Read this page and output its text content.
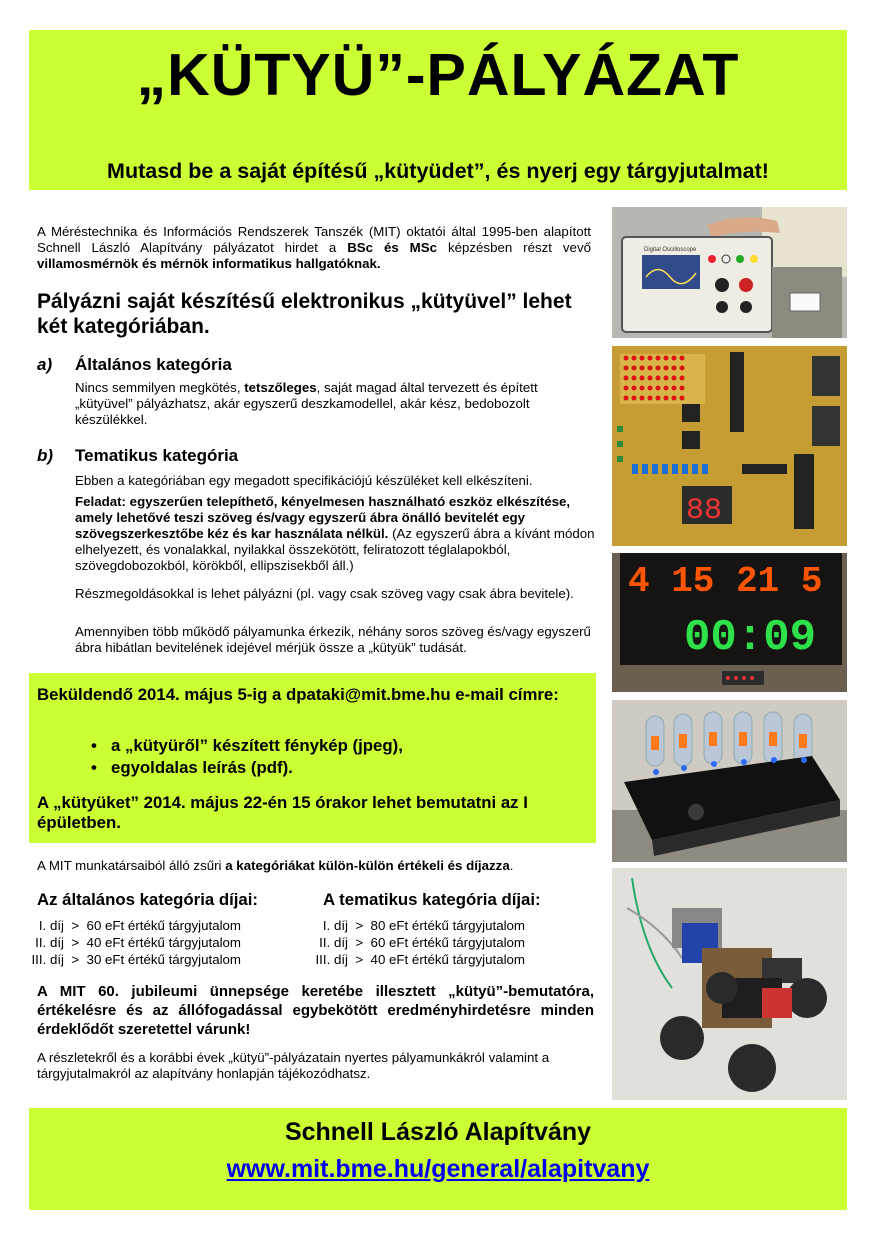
„KÜTYÜ”-PÁLYÁZAT
Mutasd be a saját építésű „kütyüdet”, és nyerj egy tárgyjutalmat!
A Méréstechnika és Információs Rendszerek Tanszék (MIT) oktatói által 1995-ben alapított Schnell László Alapítvány pályázatot hirdet a BSc és MSc képzésben részt vevő villamosmérnök és mérnök informatikus hallgatóknak.
Pályázni saját készítésű elektronikus „kütyüvel” lehet két kategóriában.
a) Általános kategória
Nincs semmilyen megkötés, tetszőleges, saját magad által tervezett és épített „kütyüvel” pályázhatsz, akár egyszerű deszkamodellel, akár kész, bedobozolt készülékkel.
b) Tematikus kategória
Ebben a kategóriában egy megadott specifikációjú készüléket kell elkészíteni.
Feladat: egyszerűen telepíthető, kényelmesen használható eszköz elkészítése, amely lehetővé teszi szöveg és/vagy egyszerű ábra önálló bevitelét egy szövegszerkesztőbe kéz és kar használata nélkül. (Az egyszerű ábra a kívánt módon elhelyezett, és vonalakkal, nyilakkal összekötött, feliratozott téglalapokból, szövegdobozokból, körökből, ellipszisekből áll.)
Részmegoldásokkal is lehet pályázni (pl. vagy csak szöveg vagy csak ábra bevitele).
Amennyiben több működő pályamunka érkezik, néhány soros szöveg és/vagy egyszerű ábra hibátlan bevitelének idejével mérjük össze a „kütyük” tudását.
Beküldendő 2014. május 5-ig a dpataki@mit.bme.hu e-mail címre:
• a „kütyüről” készített fénykép (jpeg),
• egyoldalas leírás (pdf).
A „kütyüket” 2014. május 22-én 15 órakor lehet bemutatni az I épületben.
A MIT munkatársaiból álló zsűri a kategóriákat külön-külön értékeli és díjazza.
Az általános kategória díjai:	A tematikus kategória díjai:
I. díj > 60 eFt értékű tárgyjutalom
II. díj > 40 eFt értékű tárgyjutalom
III. díj > 30 eFt értékű tárgyjutalom
I. díj > 80 eFt értékű tárgyjutalom
II. díj > 60 eFt értékű tárgyjutalom
III. díj > 40 eFt értékű tárgyjutalom
A MIT 60. jubileumi ünnepsége keretébe illesztett „kütyü”-bemutatóra, értékelésre és az állófogadással egybekötött eredményhirdetésre minden érdeklődőt szeretettel várunk!
A részletekről és a korábbi évek „kütyü”-pályázatain nyertes pályamunkákról valamint a tárgyjutalmakról az alapítvány honlapján tájékozódhatsz.
Schnell László Alapítvány
www.mit.bme.hu/general/alapitvany
Digital Oscilloscope
88
4 15 21 5
00:09
